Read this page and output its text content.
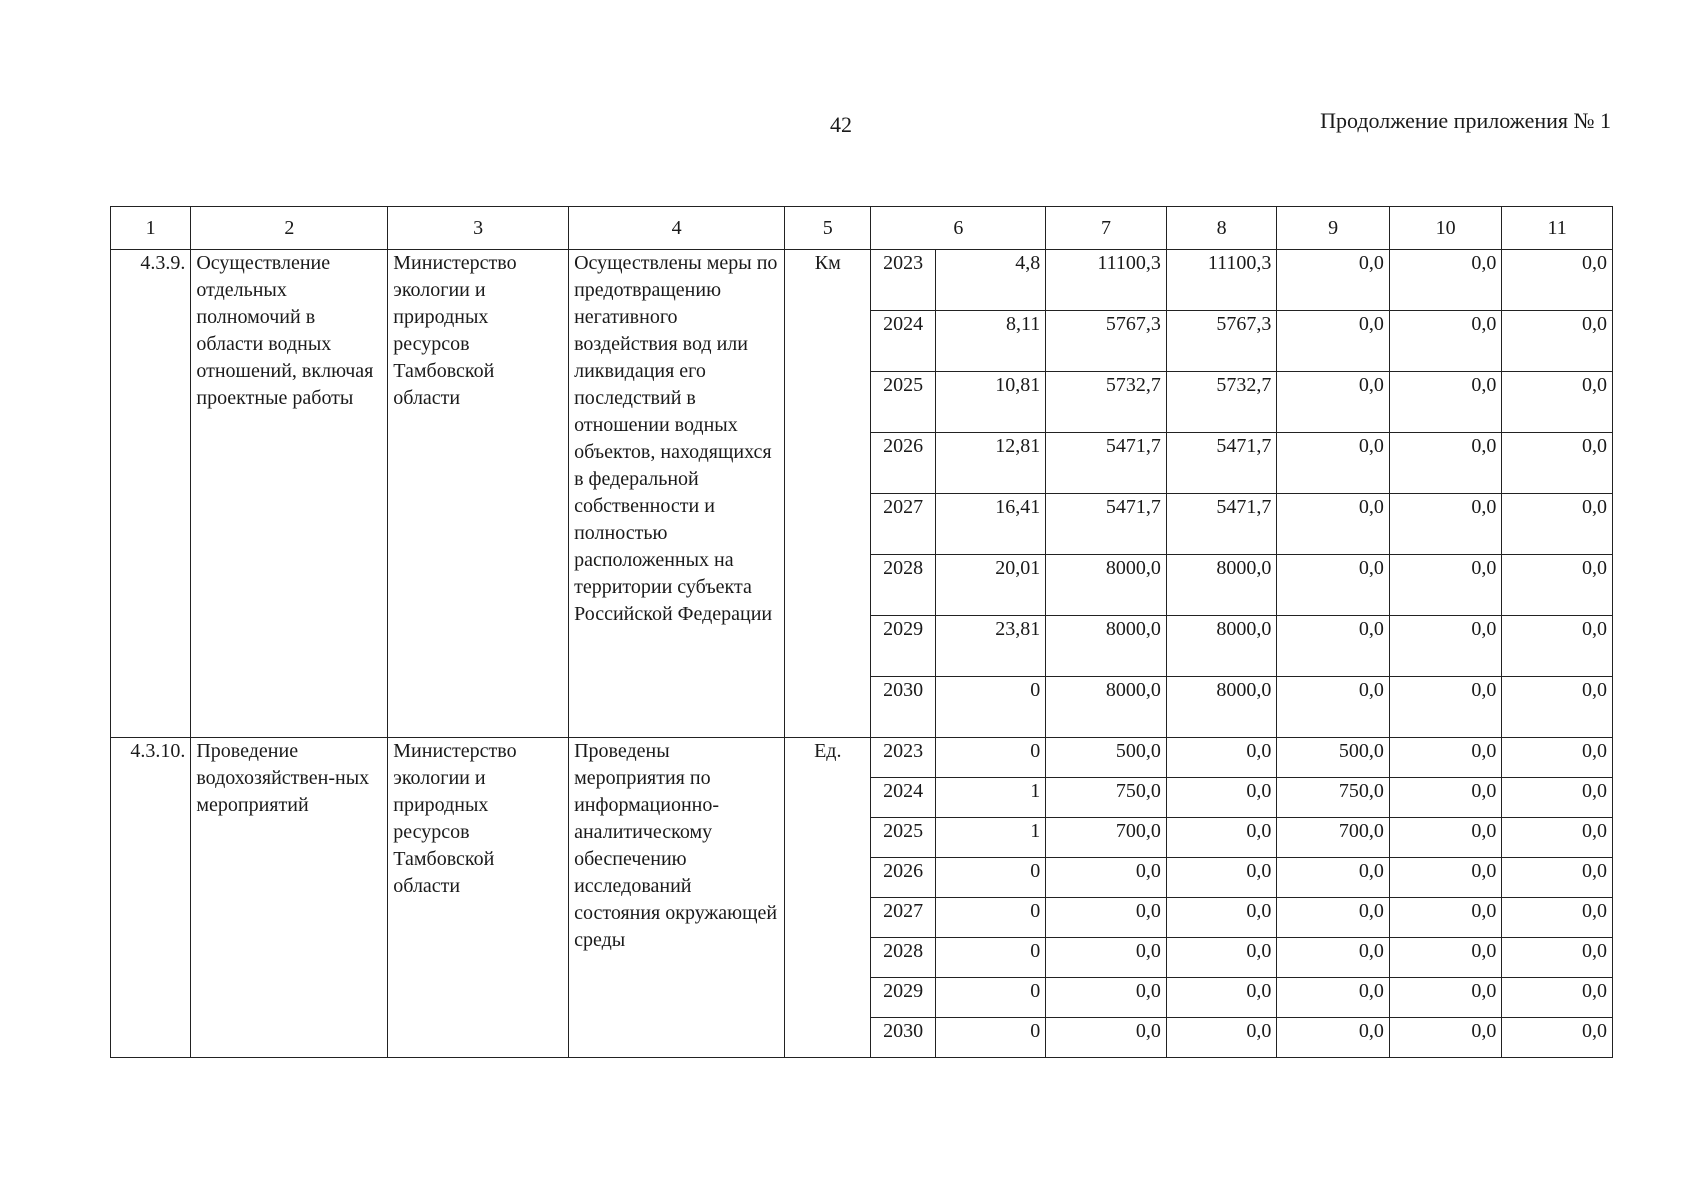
42	Продолжение приложения № 1
1	2	3	4	5	6		7	8	9	10	11
4.3.9.	Осуществление отдельных полномочий в области водных отношений, включая проектные работы	Министерство экологии и природных ресурсов Тамбовской области	Осуществлены меры по предотвращению негативного воздействия вод или ликвидация его последствий в отношении водных объектов, находящихся в федеральной собственности и полностью расположенных на территории субъекта Российской Федерации	Км	2023	4,8	11100,3	11100,3	0,0	0,0	0,0
					2024	8,11	5767,3	5767,3	0,0	0,0	0,0
					2025	10,81	5732,7	5732,7	0,0	0,0	0,0
					2026	12,81	5471,7	5471,7	0,0	0,0	0,0
					2027	16,41	5471,7	5471,7	0,0	0,0	0,0
					2028	20,01	8000,0	8000,0	0,0	0,0	0,0
					2029	23,81	8000,0	8000,0	0,0	0,0	0,0
					2030	0	8000,0	8000,0	0,0	0,0	0,0
4.3.10.	Проведение водохозяйствен-ных мероприятий	Министерство экологии и природных ресурсов Тамбовской области	Проведены мероприятия по информационно-аналитическому обеспечению исследований состояния окружающей среды	Ед.	2023	0	500,0	0,0	500,0	0,0	0,0
					2024	1	750,0	0,0	750,0	0,0	0,0
					2025	1	700,0	0,0	700,0	0,0	0,0
					2026	0	0,0	0,0	0,0	0,0	0,0
					2027	0	0,0	0,0	0,0	0,0	0,0
					2028	0	0,0	0,0	0,0	0,0	0,0
					2029	0	0,0	0,0	0,0	0,0	0,0
					2030	0	0,0	0,0	0,0	0,0	0,0
